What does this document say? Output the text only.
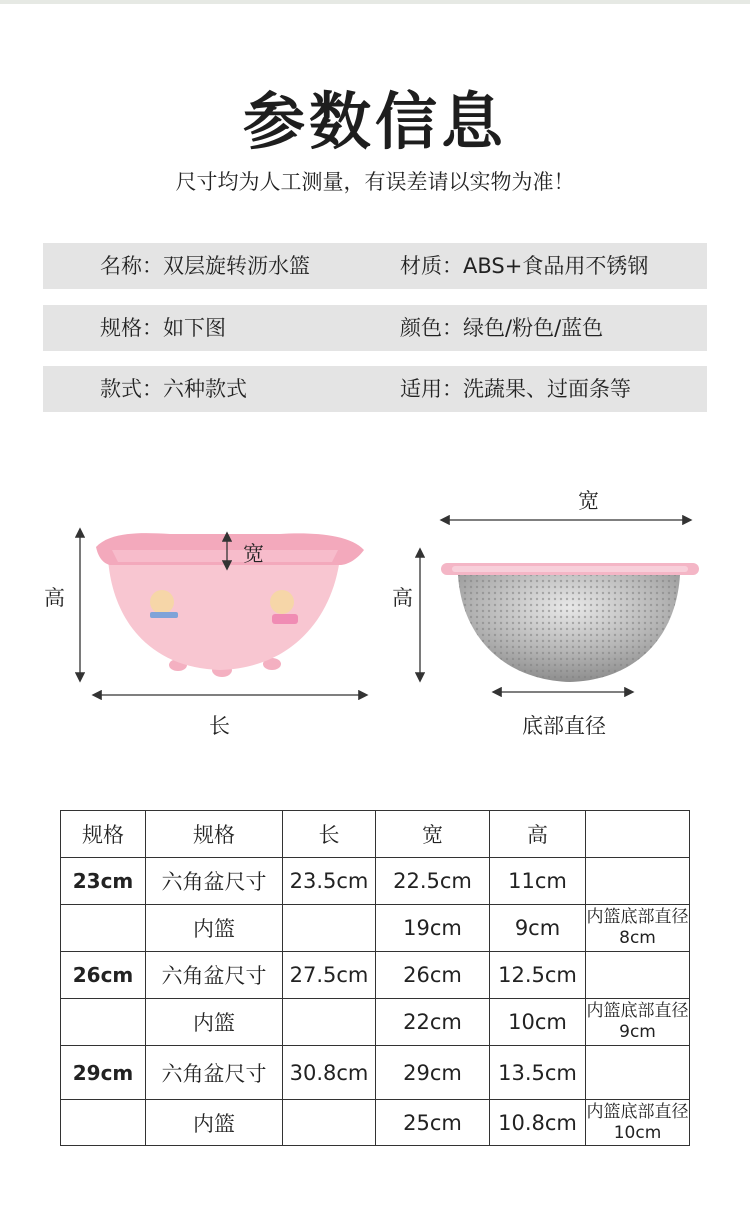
参数信息
尺寸均为人工测量，有误差请以实物为准！
名称：双层旋转沥水篮	材质：ABS+食品用不锈钢
规格：如下图	颜色：绿色/粉色/蓝色
款式：六种款式	适用：洗蔬果、过面条等
高
宽
长
宽
高
底部直径
规格	规格	长	宽	高	
23cm	六角盆尺寸	23.5cm	22.5cm	11cm	
	内篮		19cm	9cm	内篮底部直径8cm
26cm	六角盆尺寸	27.5cm	26cm	12.5cm	
	内篮		22cm	10cm	内篮底部直径9cm
29cm	六角盆尺寸	30.8cm	29cm	13.5cm	
	内篮		25cm	10.8cm	内篮底部直径10cm
